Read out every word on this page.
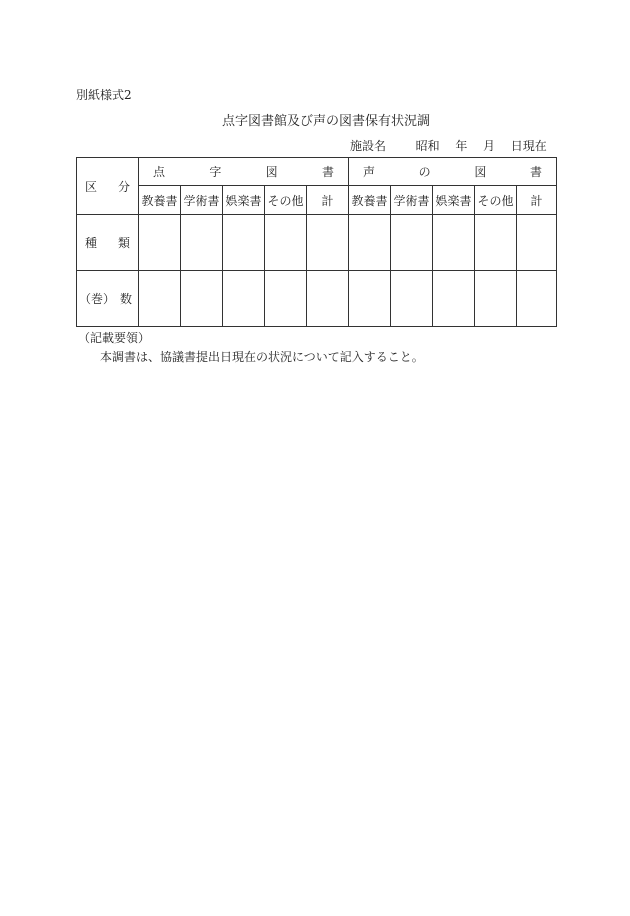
別紙様式2
点字図書館及び声の図書保有状況調
施設名 昭和 年 月 日現在
区 分	点 字 図 書					声 の 図 書				

	教養書	学術書	娯楽書	その他	計	教養書	学術書	娯楽書	その他	計

種 類										

（巻） 数										

（記載要領）
本調書は、協議書提出日現在の状況について記入すること。
